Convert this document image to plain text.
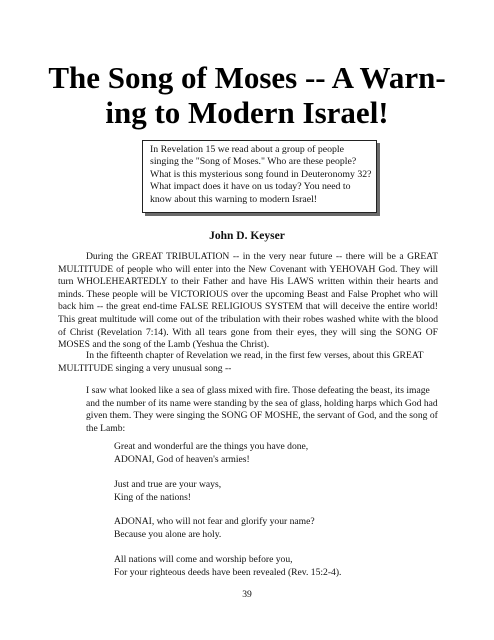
The Song of Moses -- A Warn-
ing to Modern Israel!

In Revelation 15 we read about a group of people singing the "Song of Moses." Who are these people? What is this mysterious song found in Deuteronomy 32? What impact does it have on us today? You need to know about this warning to modern Israel!

John D. Keyser

During the GREAT TRIBULATION -- in the very near future -- there will be a GREAT MULTITUDE of people who will enter into the New Covenant with YEHOVAH God. They will turn WHOLEHEARTEDLY to their Father and have His LAWS written within their hearts and minds. These people will be VICTORIOUS over the upcoming Beast and False Prophet who will back him -- the great end-time FALSE RELIGIOUS SYSTEM that will deceive the entire world! This great multitude will come out of the tribulation with their robes washed white with the blood of Christ (Revelation 7:14). With all tears gone from their eyes, they will sing the SONG OF MOSES and the song of the Lamb (Yeshua the Christ).

In the fifteenth chapter of Revelation we read, in the first few verses, about this GREAT MULTITUDE singing a very unusual song --

I saw what looked like a sea of glass mixed with fire. Those defeating the beast, its image and the number of its name were standing by the sea of glass, holding harps which God had given them. They were singing the SONG OF MOSHE, the servant of God, and the song of the Lamb:

Great and wonderful are the things you have done,
ADONAI, God of heaven's armies!

Just and true are your ways,
King of the nations!

ADONAI, who will not fear and glorify your name?
Because you alone are holy.

All nations will come and worship before you,
For your righteous deeds have been revealed (Rev. 15:2-4).

39
